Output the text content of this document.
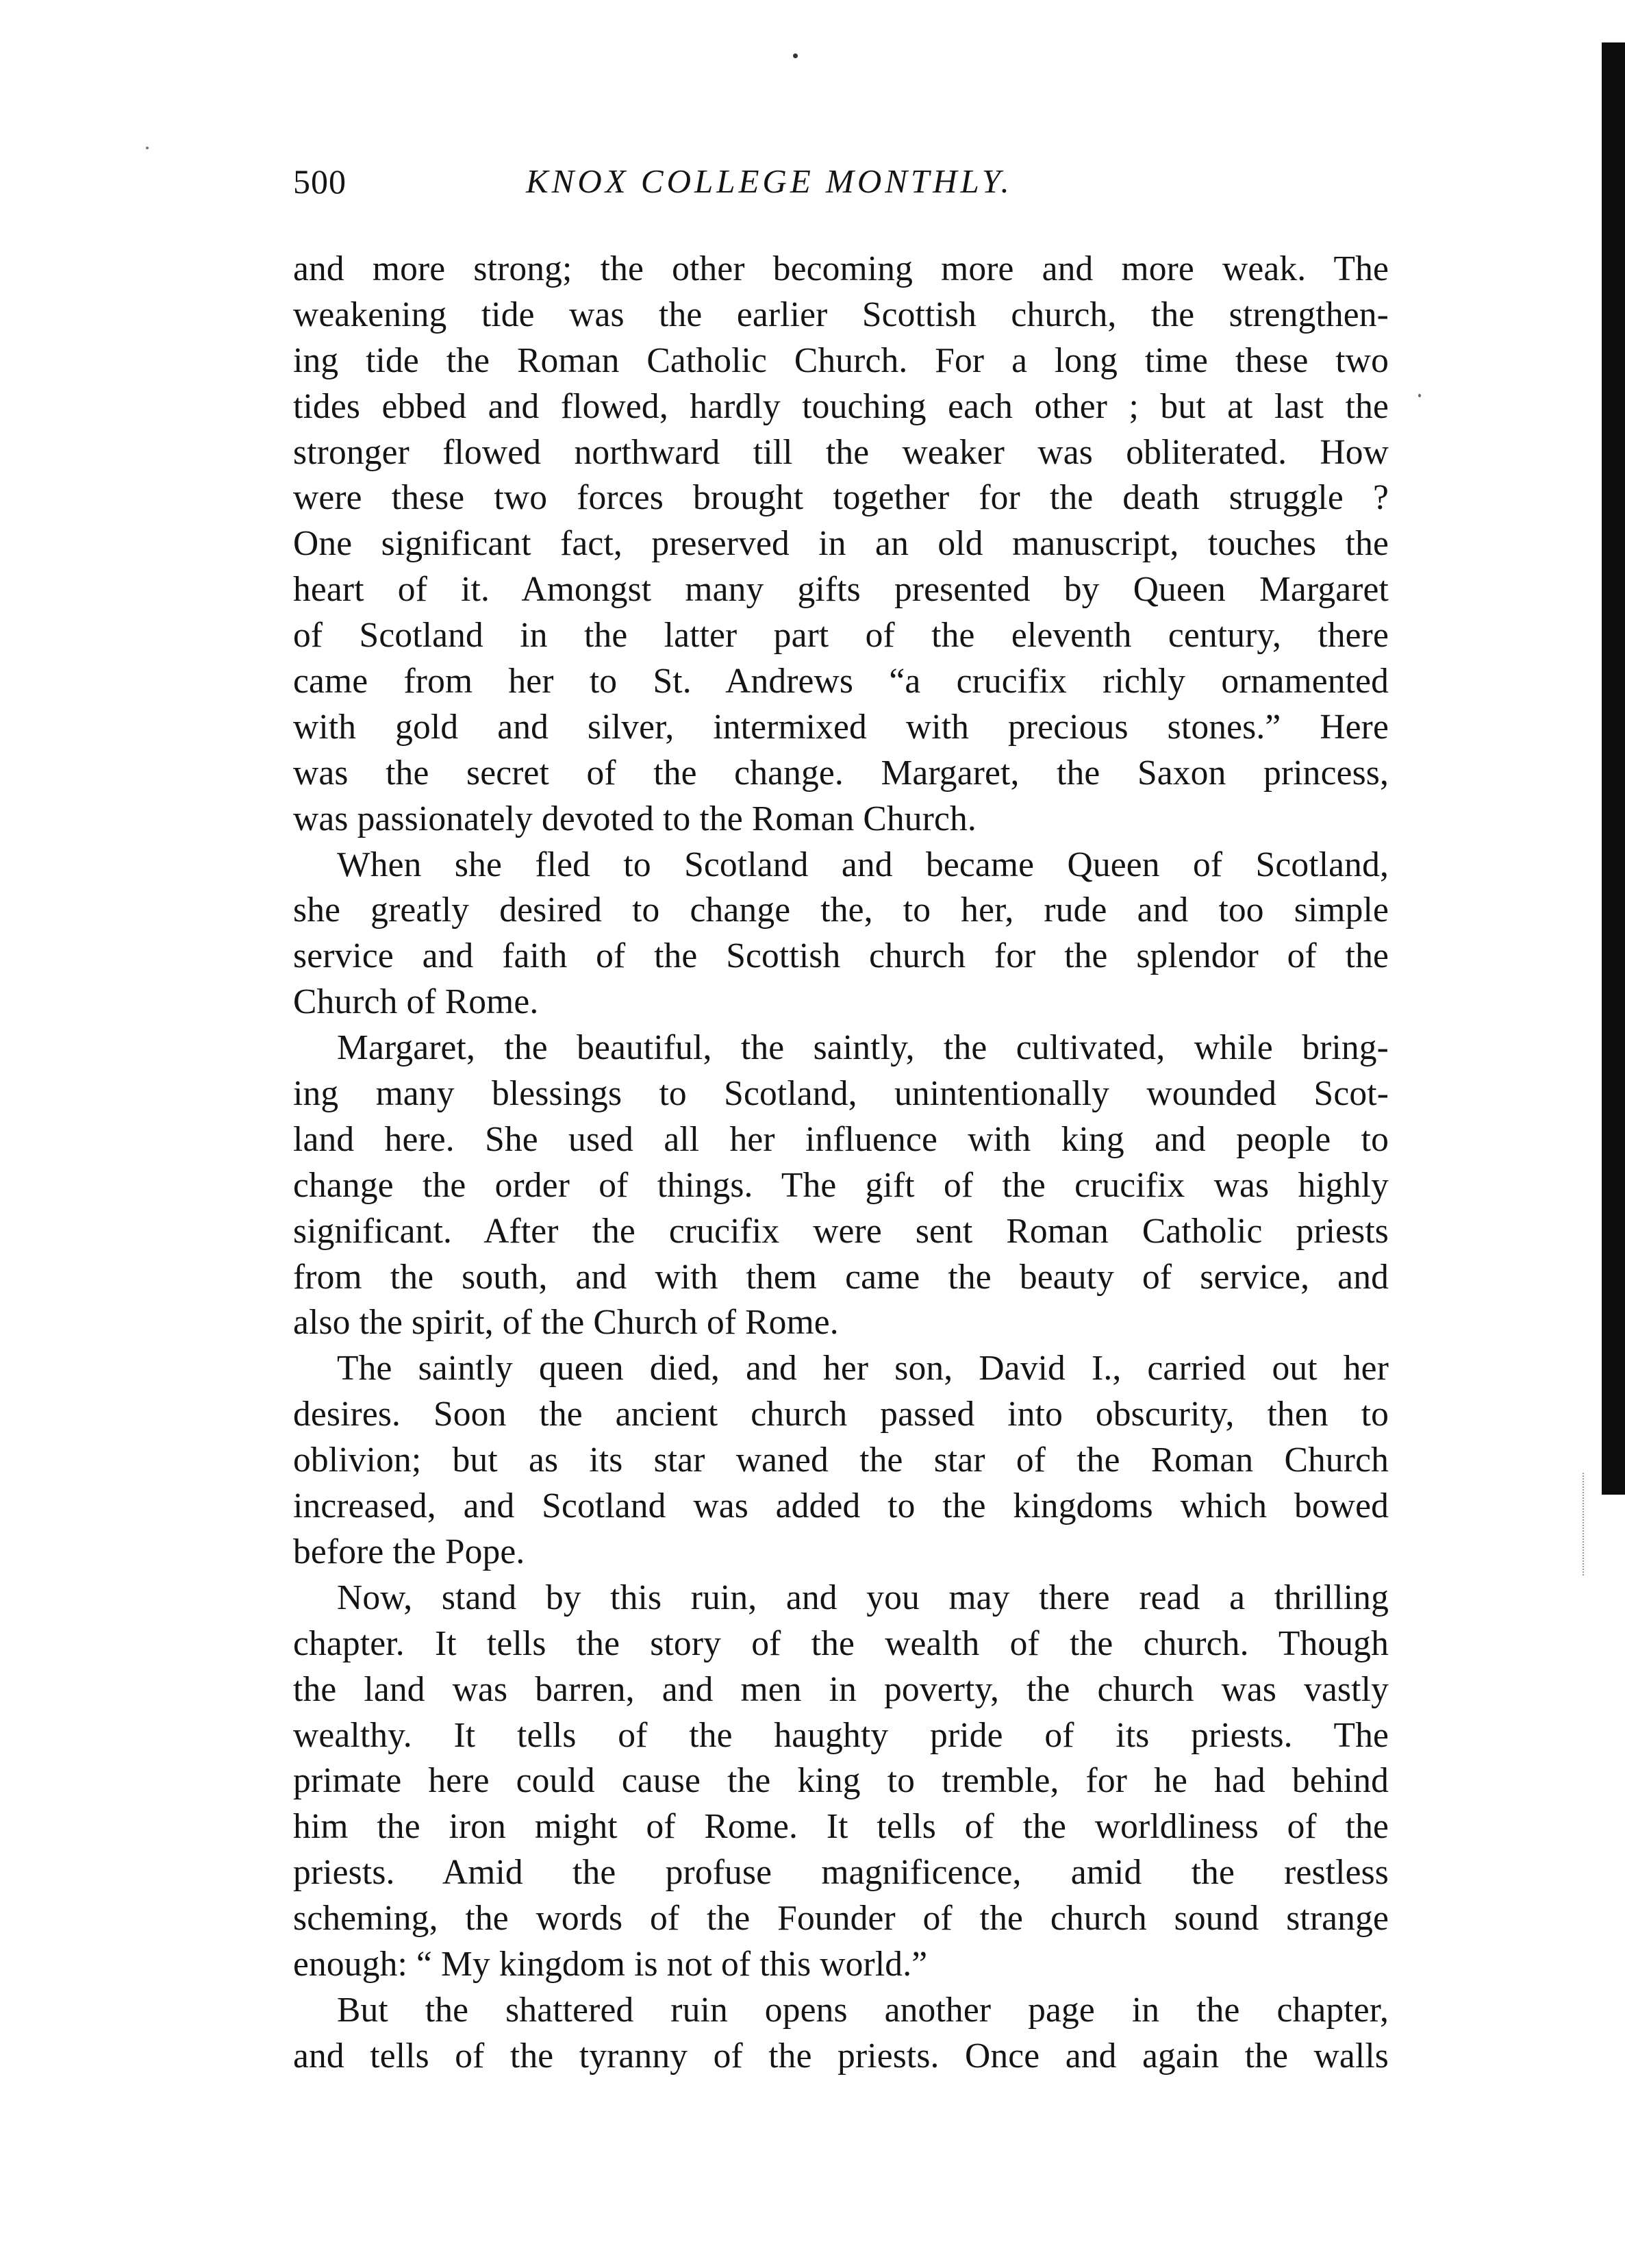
500	KNOX COLLEGE MONTHLY.
and more strong; the other becoming more and more weak. The
weakening tide was the earlier Scottish church, the strengthen-
ing tide the Roman Catholic Church. For a long time these two
tides ebbed and flowed, hardly touching each other ; but at last the
stronger flowed northward till the weaker was obliterated. How
were these two forces brought together for the death struggle ?
One significant fact, preserved in an old manuscript, touches the
heart of it. Amongst many gifts presented by Queen Margaret
of Scotland in the latter part of the eleventh century, there
came from her to St. Andrews “a crucifix richly ornamented
with gold and silver, intermixed with precious stones.” Here
was the secret of the change. Margaret, the Saxon princess,
was passionately devoted to the Roman Church.
When she fled to Scotland and became Queen of Scotland,
she greatly desired to change the, to her, rude and too simple
service and faith of the Scottish church for the splendor of the
Church of Rome.
Margaret, the beautiful, the saintly, the cultivated, while bring-
ing many blessings to Scotland, unintentionally wounded Scot-
land here. She used all her influence with king and people to
change the order of things. The gift of the crucifix was highly
significant. After the crucifix were sent Roman Catholic priests
from the south, and with them came the beauty of service, and
also the spirit, of the Church of Rome.
The saintly queen died, and her son, David I., carried out her
desires. Soon the ancient church passed into obscurity, then to
oblivion; but as its star waned the star of the Roman Church
increased, and Scotland was added to the kingdoms which bowed
before the Pope.
Now, stand by this ruin, and you may there read a thrilling
chapter. It tells the story of the wealth of the church. Though
the land was barren, and men in poverty, the church was vastly
wealthy. It tells of the haughty pride of its priests. The
primate here could cause the king to tremble, for he had behind
him the iron might of Rome. It tells of the worldliness of the
priests. Amid the profuse magnificence, amid the restless
scheming, the words of the Founder of the church sound strange
enough: “ My kingdom is not of this world.”
But the shattered ruin opens another page in the chapter,
and tells of the tyranny of the priests. Once and again the walls
